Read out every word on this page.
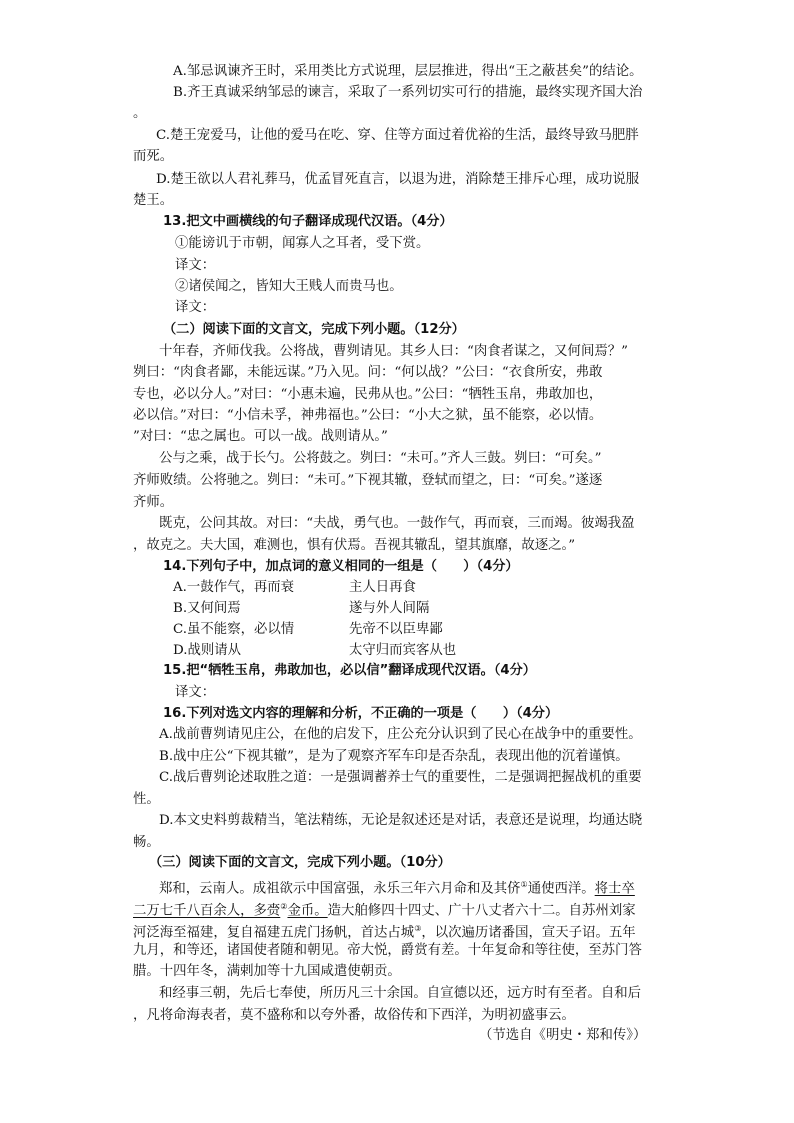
A.邹忌讽谏齐王时，采用类比方式说理，层层推进，得出“王之蔽甚矣”的结论。
B.齐王真诚采纳邹忌的谏言，采取了一系列切实可行的措施，最终实现齐国大治
。
C.楚王宠爱马，让他的爱马在吃、穿、住等方面过着优裕的生活，最终导致马肥胖
而死。
D.楚王欲以人君礼葬马，优孟冒死直言，以退为进，消除楚王排斥心理，成功说服
楚王。
13.把文中画横线的句子翻译成现代汉语。（4分）
①能谤讥于市朝，闻寡人之耳者，受下赏。
译文：
②诸侯闻之，皆知大王贱人而贵马也。
译文：
（二）阅读下面的文言文，完成下列小题。（12分）
十年春，齐师伐我。公将战，曹刿请见。其乡人曰：“肉食者谋之，又何间焉？”
刿曰：“肉食者鄙，未能远谋。”乃入见。问：“何以战？”公曰：“衣食所安，弗敢
专也，必以分人。”对曰：“小惠未遍，民弗从也。”公曰：“牺牲玉帛，弗敢加也，
必以信。”对曰：“小信未孚，神弗福也。”公曰：“小大之狱，虽不能察，必以情。
”对曰：“忠之属也。可以一战。战则请从。”
公与之乘，战于长勺。公将鼓之。刿曰：“未可。”齐人三鼓。刿曰：“可矣。”
齐师败绩。公将驰之。刿曰：“未可。”下视其辙，登轼而望之，曰：“可矣。”遂逐
齐师。
既克，公问其故。对曰：“夫战，勇气也。一鼓作气，再而衰，三而竭。彼竭我盈
，故克之。夫大国，难测也，惧有伏焉。吾视其辙乱，望其旗靡，故逐之。”
14.下列句子中，加点词的意义相同的一组是（　　）（4分）
A.一鼓作气，再而衰	主人日再食
B.又何间焉	遂与外人间隔
C.虽不能察，必以情	先帝不以臣卑鄙
D.战则请从	太守归而宾客从也
15.把“牺牲玉帛，弗敢加也，必以信”翻译成现代汉语。（4分）
译文：
16.下列对选文内容的理解和分析，不正确的一项是（　　）（4分）
A.战前曹刿请见庄公，在他的启发下，庄公充分认识到了民心在战争中的重要性。
B.战中庄公“下视其辙”，是为了观察齐军车印是否杂乱，表现出他的沉着谨慎。
C.战后曹刿论述取胜之道：一是强调蓄养士气的重要性，二是强调把握战机的重要
性。
D.本文史料剪裁精当，笔法精练，无论是叙述还是对话，表意还是说理，均通达晓
畅。
（三）阅读下面的文言文，完成下列小题。（10分）
郑和，云南人。成祖欲示中国富强，永乐三年六月命和及其侪①通使西洋。将士卒
二万七千八百余人，多赍②金币。造大舶修四十四丈、广十八丈者六十二。自苏州刘家
河泛海至福建，复自福建五虎门扬帆，首达占城③，以次遍历诸番国，宣天子诏。五年
九月，和等还，诸国使者随和朝见。帝大悦，爵赏有差。十年复命和等往使，至苏门答
腊。十四年冬，满剌加等十九国咸遣使朝贡。
和经事三朝，先后七奉使，所历凡三十余国。自宣德以还，远方时有至者。自和后
，凡将命海表者，莫不盛称和以夸外番，故俗传和下西洋，为明初盛事云。
（节选自《明史・郑和传》）
